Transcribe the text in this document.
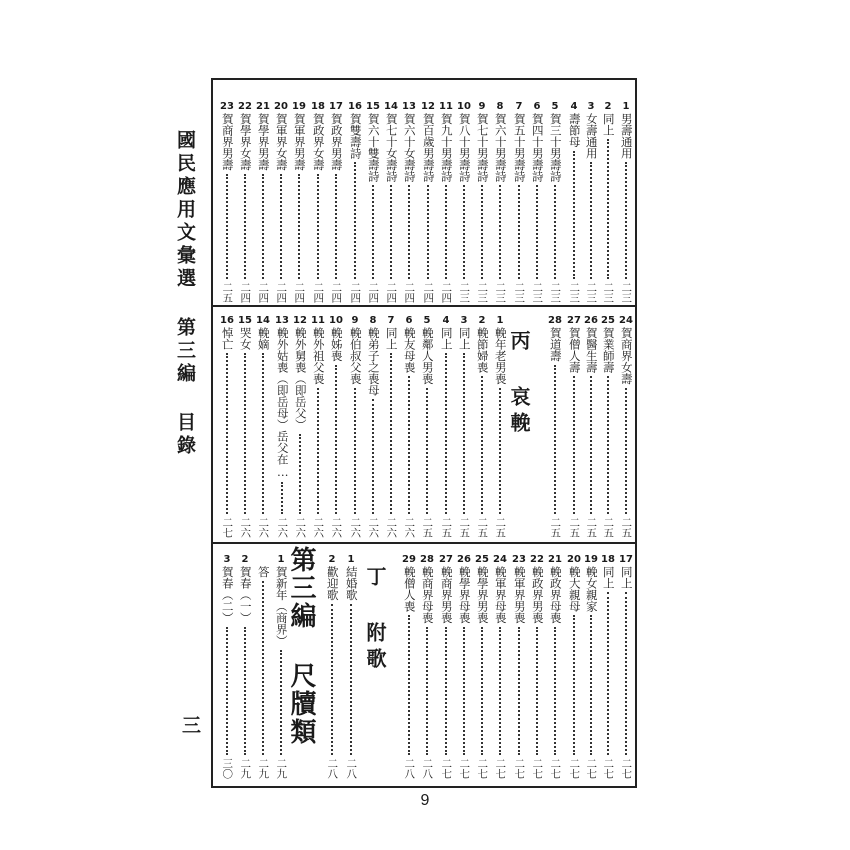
國民應用文彙選 第三編 目錄
三
1
男壽通用
二三
2
同上
二三
3
女壽通用
二三
4
壽節母
二三
5
賀三十男壽詩
二三
6
賀四十男壽詩
二三
7
賀五十男壽詩
二三
8
賀六十男壽詩
二三
9
賀七十男壽詩
二三
10
賀八十男壽詩
二三
11
賀九十男壽詩
二四
12
賀百歲男壽詩
二四
13
賀六十女壽詩
二四
14
賀七十女壽詩
二四
15
賀六十雙壽詩
二四
16
賀雙壽詩
二四
17
賀政界男壽
二四
18
賀政界女壽
二四
19
賀軍界男壽
二四
20
賀軍界女壽
二四
21
賀學界男壽
二四
22
賀學界女壽
二四
23
賀商界男壽
二五
24
賀商界女壽
二五
25
賀業師壽
二五
26
賀醫生壽
二五
27
賀僧人壽
二五
28
賀道壽
二五
1
輓年老男喪
二五
2
輓節婦喪
二五
3
同上
二五
4
同上
二五
5
輓鄰人男喪
二五
6
輓友母喪
二六
7
同上
二六
8
輓弟子之喪母
二六
9
輓伯叔父喪
二六
10
輓姊喪
二六
11
輓外祖父喪
二六
12
輓外舅喪（即岳父）
二六
13
輓外姑喪（即岳母）岳父在…
二六
14
輓嫡
二六
15
哭女
二六
16
悼亡
二七
17
同上
二七
18
同上
二七
19
輓女親家
二七
20
輓大親母
二七
21
輓政界母喪
二七
22
輓政界男喪
二七
23
輓軍界男喪
二七
24
輓軍界母喪
二七
25
輓學界男喪
二七
26
輓學界母喪
二七
27
輓商界男喪
二七
28
輓商界母喪
二八
29
輓僧人喪
二八
1
結婚歌
二八
2
歡迎歌
二八
1
賀新年（商界）
二九
答
二九
2
賀春（一）
二九
3
賀春（二）
三〇
丙 哀輓
丁 附歌
第三編 尺牘類
9
